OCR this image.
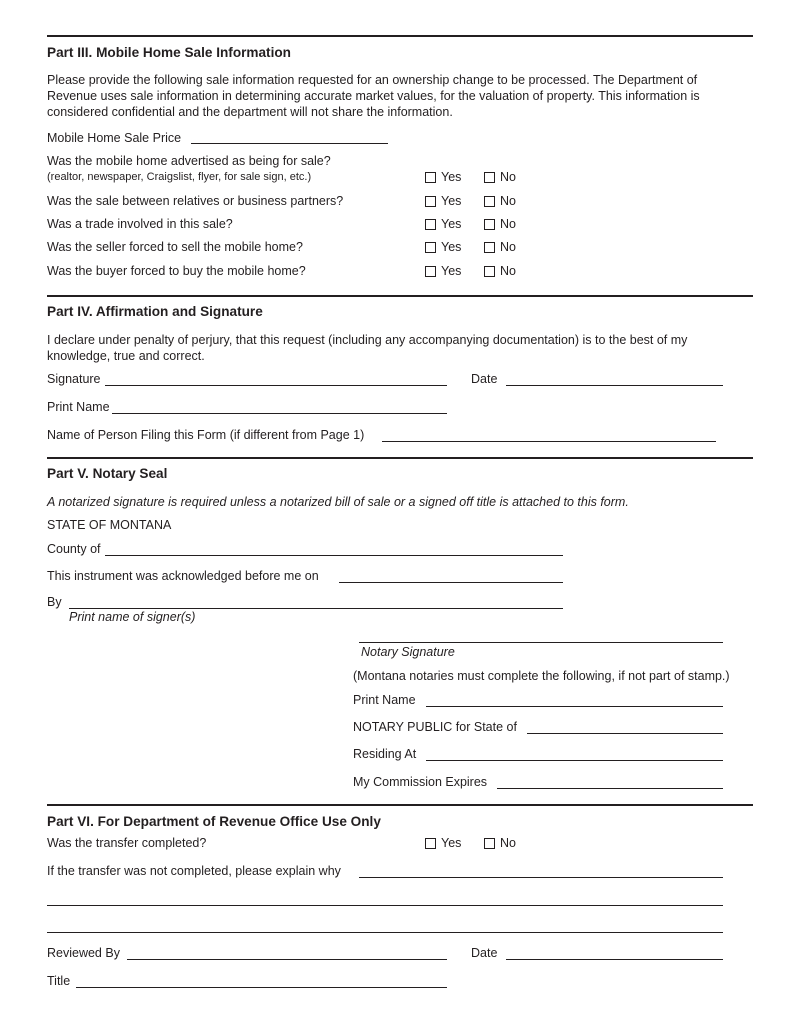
Part III. Mobile Home Sale Information
Please provide the following sale information requested for an ownership change to be processed. The Department of Revenue uses sale information in determining accurate market values, for the valuation of property. This information is considered confidential and the department will not share the information.
Mobile Home Sale Price
Was the mobile home advertised as being for sale?
(realtor, newspaper, Craigslist, flyer, for sale sign, etc.)	Yes	No
Was the sale between relatives or business partners?	Yes	No
Was a trade involved in this sale?	Yes	No
Was the seller forced to sell the mobile home?	Yes	No
Was the buyer forced to buy the mobile home?	Yes	No
Part IV. Affirmation and Signature
I declare under penalty of perjury, that this request (including any accompanying documentation) is to the best of my knowledge, true and correct.
Signature	Date
Print Name
Name of Person Filing this Form (if different from Page 1)
Part V. Notary Seal
A notarized signature is required unless a notarized bill of sale or a signed off title is attached to this form.
STATE OF MONTANA
County of
This instrument was acknowledged before me on
By
Print name of signer(s)
Notary Signature
(Montana notaries must complete the following, if not part of stamp.)
Print Name
NOTARY PUBLIC for State of
Residing At
My Commission Expires
Part VI. For Department of Revenue Office Use Only
Was the transfer completed?	Yes	No
If the transfer was not completed, please explain why
Reviewed By	Date
Title
